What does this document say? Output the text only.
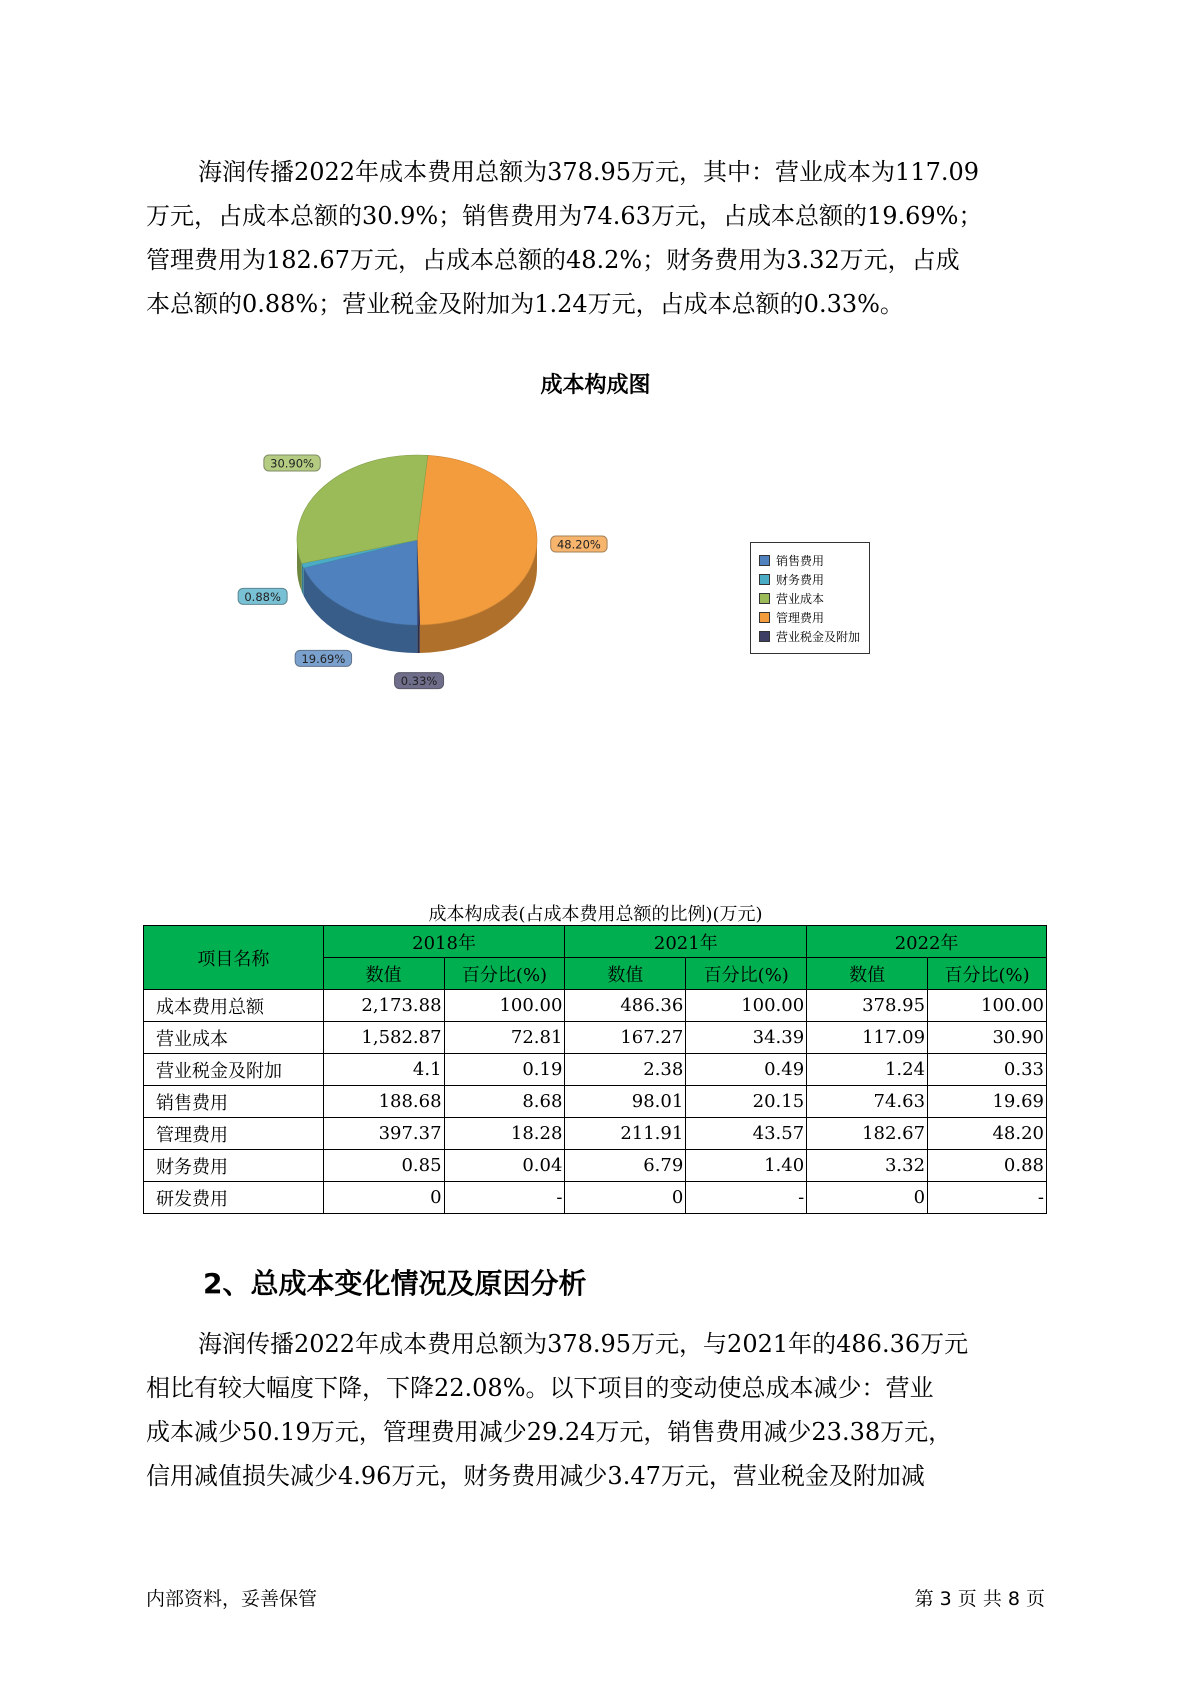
海润传播2022年成本费用总额为378.95万元，其中：营业成本为117.09
万元，占成本总额的30.9%；销售费用为74.63万元，占成本总额的19.69%；
管理费用为182.67万元，占成本总额的48.2%；财务费用为3.32万元，占成
本总额的0.88%；营业税金及附加为1.24万元，占成本总额的0.33%。
成本构成图
48.20%
0.33%
19.69%
0.88%
30.90%
销售费用
财务费用
营业成本
管理费用
营业税金及附加
成本构成表(占成本费用总额的比例)(万元)
项目名称	2018年		2021年		2022年	
	数值	百分比(%)	数值	百分比(%)	数值	百分比(%)
成本费用总额	2,173.88	100.00	486.36	100.00	378.95	100.00
营业成本	1,582.87	72.81	167.27	34.39	117.09	30.90
营业税金及附加	4.1	0.19	2.38	0.49	1.24	0.33
销售费用	188.68	8.68	98.01	20.15	74.63	19.69
管理费用	397.37	18.28	211.91	43.57	182.67	48.20
财务费用	0.85	0.04	6.79	1.40	3.32	0.88
研发费用	0	-	0	-	0	-
2、总成本变化情况及原因分析
海润传播2022年成本费用总额为378.95万元，与2021年的486.36万元
相比有较大幅度下降，下降22.08%。以下项目的变动使总成本减少：营业
成本减少50.19万元，管理费用减少29.24万元，销售费用减少23.38万元，
信用减值损失减少4.96万元，财务费用减少3.47万元，营业税金及附加减
内部资料，妥善保管	第 3 页 共 8 页
